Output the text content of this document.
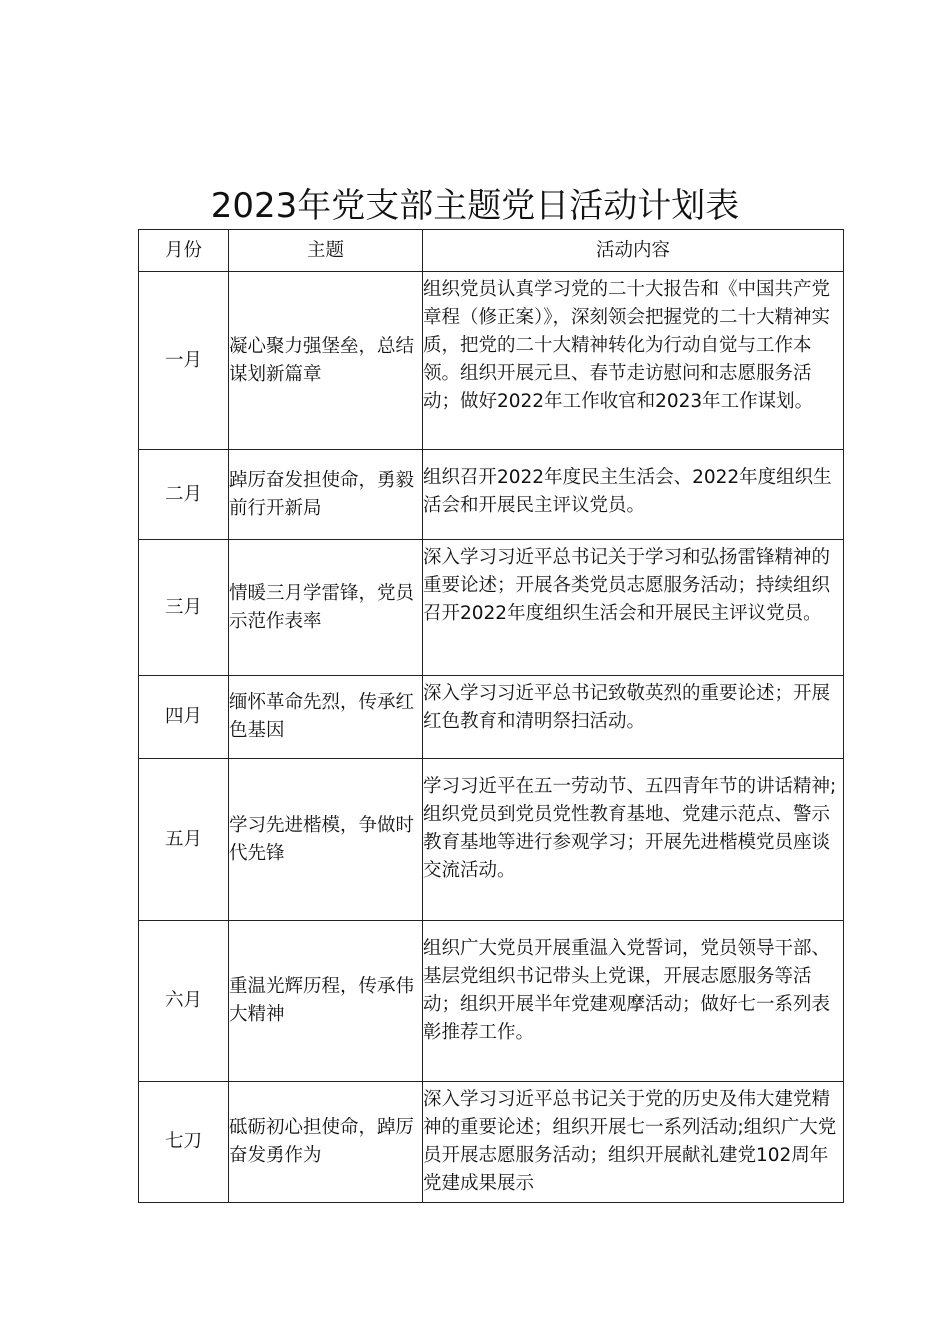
2023年党支部主题党日活动计划表
月份	主题	活动内容
一月	凝心聚力强堡垒，总结谋划新篇章	组织党员认真学习党的二十大报告和《中国共产党章程（修正案）》，深刻领会把握党的二十大精神实质，把党的二十大精神转化为行动自觉与工作本领。组织开展元旦、春节走访慰问和志愿服务活动；做好2022年工作收官和2023年工作谋划。
二月	踔厉奋发担使命，勇毅前行开新局	组织召开2022年度民主生活会、2022年度组织生活会和开展民主评议党员。
三月	情暖三月学雷锋，党员示范作表率	深入学习习近平总书记关于学习和弘扬雷锋精神的重要论述；开展各类党员志愿服务活动；持续组织召开2022年度组织生活会和开展民主评议党员。
四月	缅怀革命先烈，传承红色基因	深入学习习近平总书记致敬英烈的重要论述；开展红色教育和清明祭扫活动。
五月	学习先进楷模，争做时代先锋	学习习近平在五一劳动节、五四青年节的讲话精神;组织党员到党员党性教育基地、党建示范点、警示教育基地等进行参观学习；开展先进楷模党员座谈交流活动。
六月	重温光辉历程，传承伟大精神	组织广大党员开展重温入党誓词，党员领导干部、基层党组织书记带头上党课，开展志愿服务等活动；组织开展半年党建观摩活动；做好七一系列表彰推荐工作。
七刀	砥砺初心担使命，踔厉奋发勇作为	深入学习习近平总书记关于党的历史及伟大建党精神的重要论述；组织开展七一系列活动;组织广大党员开展志愿服务活动；组织开展献礼建党102周年党建成果展示
